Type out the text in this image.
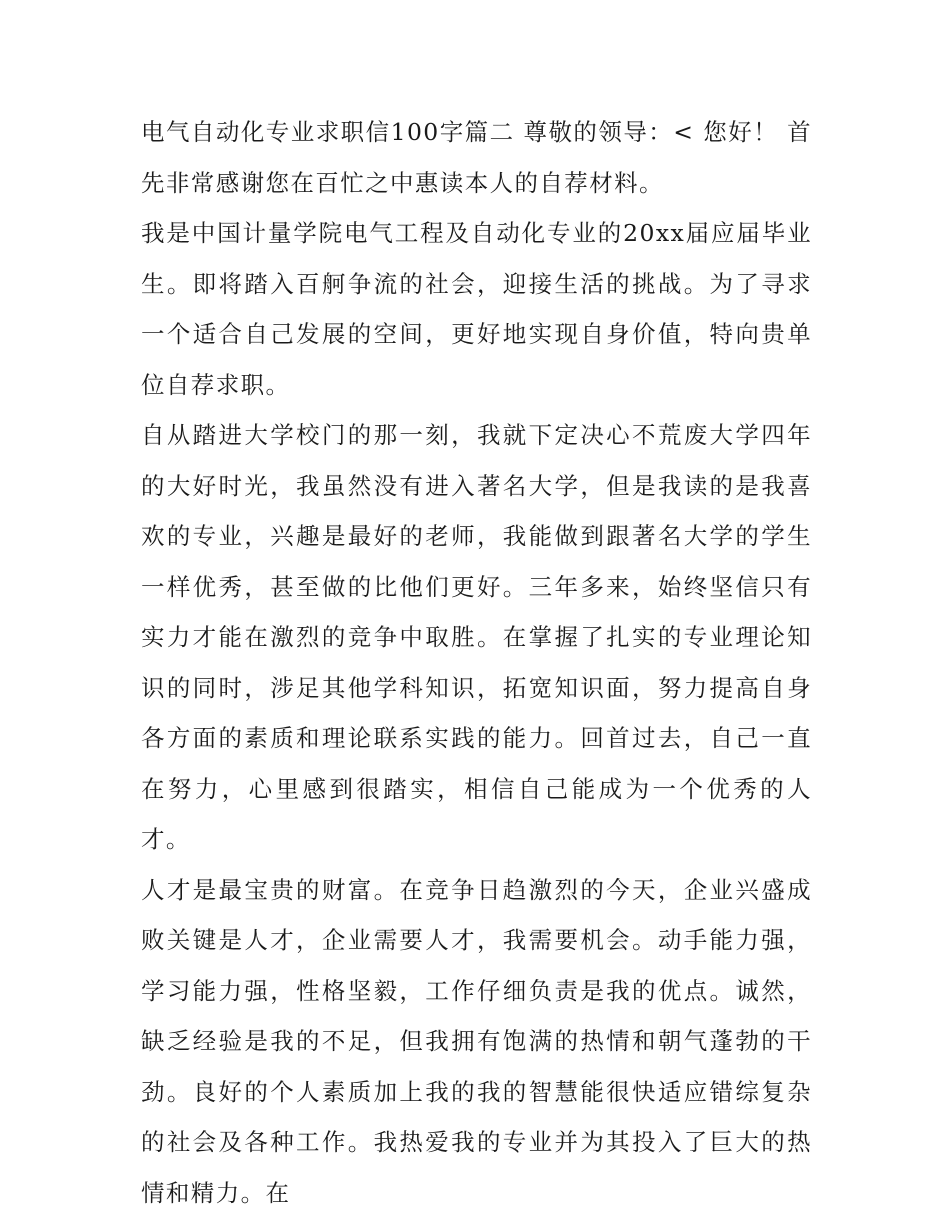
电气自动化专业求职信100字篇二 尊敬的领导：< 您好！ 首先非常感谢您在百忙之中惠读本人的自荐材料。

我是中国计量学院电气工程及自动化专业的20xx届应届毕业生。即将踏入百舸争流的社会，迎接生活的挑战。为了寻求一个适合自己发展的空间，更好地实现自身价值，特向贵单位自荐求职。

自从踏进大学校门的那一刻，我就下定决心不荒废大学四年的大好时光，我虽然没有进入著名大学，但是我读的是我喜欢的专业，兴趣是最好的老师，我能做到跟著名大学的学生一样优秀，甚至做的比他们更好。三年多来，始终坚信只有实力才能在激烈的竞争中取胜。在掌握了扎实的专业理论知识的同时，涉足其他学科知识，拓宽知识面，努力提高自身各方面的素质和理论联系实践的能力。回首过去，自己一直在努力，心里感到很踏实，相信自己能成为一个优秀的人才。

人才是最宝贵的财富。在竞争日趋激烈的今天，企业兴盛成败关键是人才，企业需要人才，我需要机会。动手能力强，学习能力强，性格坚毅，工作仔细负责是我的优点。诚然，缺乏经验是我的不足，但我拥有饱满的热情和朝气蓬勃的干劲。良好的个人素质加上我的我的智慧能很快适应错综复杂的社会及各种工作。我热爱我的专业并为其投入了巨大的热情和精力。在
